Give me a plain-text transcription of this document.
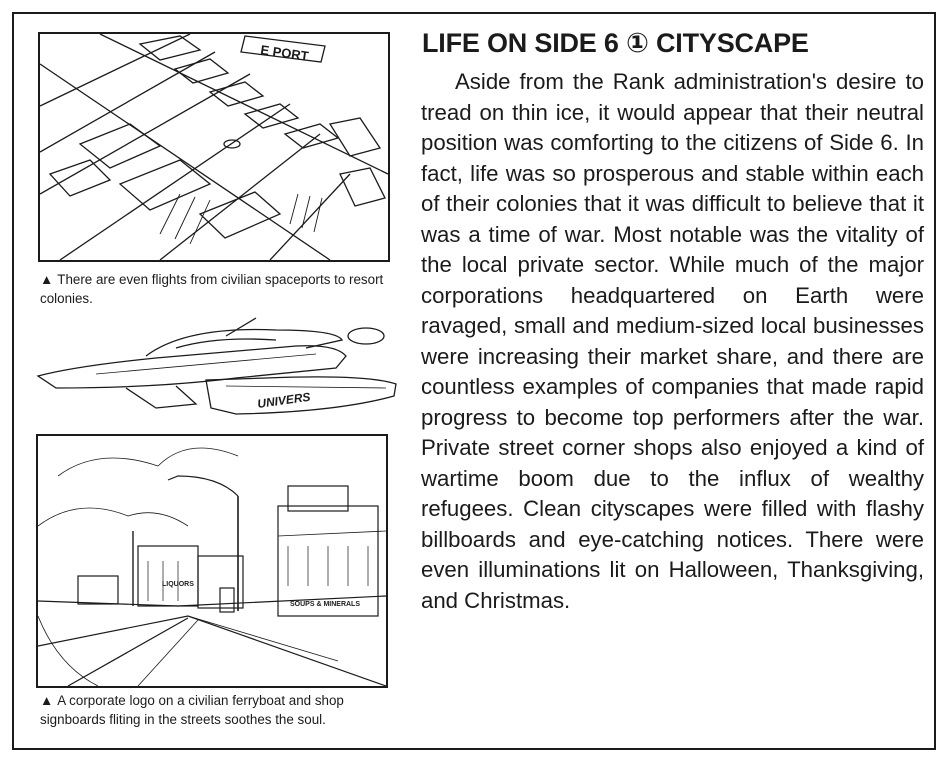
E PORT
▲ There are even flights from civilian spaceports to resort colonies.
UNIVERS
LIQUORS
SOUPS & MINERALS
▲ A corporate logo on a civilian ferryboat and shop signboards fliting in the streets soothes the soul.
LIFE ON SIDE 6 ① CITYSCAPE

Aside from the Rank administration's desire to tread on thin ice, it would appear that their neutral position was comforting to the citizens of Side 6. In fact, life was so prosperous and stable within each of their colonies that it was difficult to believe that it was a time of war. Most notable was the vitality of the local private sector. While much of the major corporations headquartered on Earth were ravaged, small and medium-sized local businesses were increasing their market share, and there are countless examples of companies that made rapid progress to become top performers after the war. Private street corner shops also enjoyed a kind of wartime boom due to the influx of wealthy refugees. Clean cityscapes were filled with flashy billboards and eye-catching notices. There were even illuminations lit on Halloween, Thanksgiving, and Christmas.
